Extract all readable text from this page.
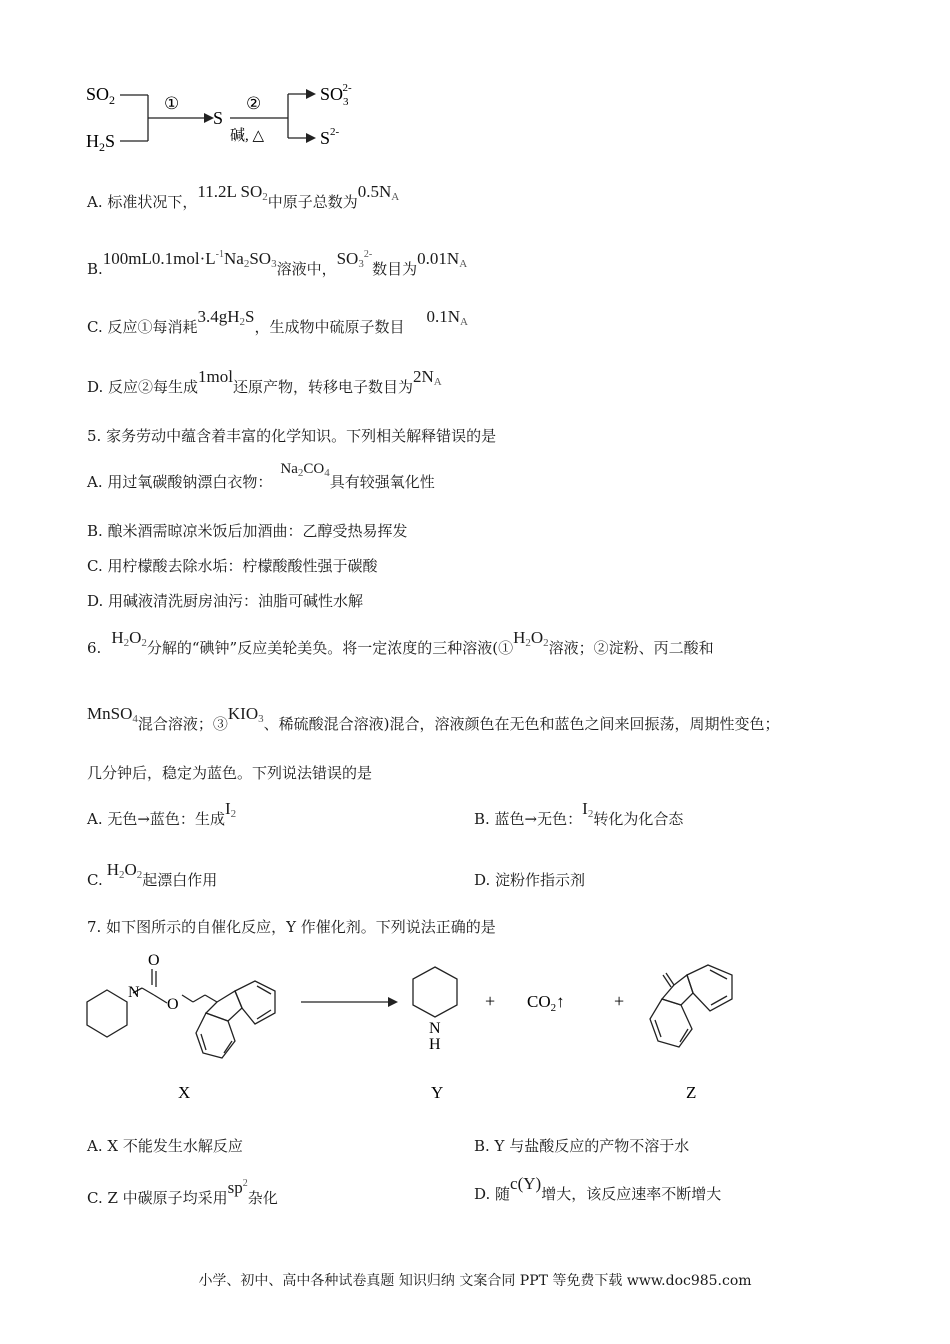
$SO_2$
$H_2S$
①
S
②
碱, △
$SO_32-$
$S^{2-}$
A. 标准状况下，11.2L $SO_2$中原子总数为$0.5N_A$
$B.100mL0.1mol\cdot L^{-1}Na_2SO_3$溶液中，$SO_3^{2-}$数目为$0.01N_A$
C. 反应①每消耗$3.4gH_2S$，生成物中硫原子数目$0.1N_A$
D. 反应②每生成1mol还原产物，转移电子数目为$2N_A$
5. 家务劳动中蕴含着丰富的化学知识。下列相关解释错误的是
A. 用过氧碳酸钠漂白衣物：$Na_2CO_4$具有较强氧化性
B. 酿米酒需晾凉米饭后加酒曲：乙醇受热易挥发
C. 用柠檬酸去除水垢：柠檬酸酸性强于碳酸
D. 用碱液清洗厨房油污：油脂可碱性水解
$6.H_2O_2$分解的“碘钟”反应美轮美奂。将一定浓度的三种溶液($①H_2O_2$溶液；②淀粉、丙二酸和
MnSO$_4$混合溶液；$③KIO_3$、稀硫酸混合溶液)混合，溶液颜色在无色和蓝色之间来回振荡，周期性变色；
几分钟后，稳定为蓝色。下列说法错误的是
A. 无色→蓝色：生成$I_2$	B. 蓝色→无色：$I_2$转化为化合态
$C.H_2O_2$起漂白作用	D. 淀粉作指示剂
7. 如下图所示的自催化反应，Y 作催化剂。下列说法正确的是
O
N
O
N
H
+ $CO_2↑$	+
X	Y	Z
A. X 不能发生水解反应	B. Y 与盐酸反应的产物不溶于水
C. Z 中碳原子均采用$sp^2$杂化	D. 随c(Y)增大，该反应速率不断增大
小学、初中、高中各种试卷真题 知识归纳 文案合同 PPT 等免费下载 www.doc985.com
